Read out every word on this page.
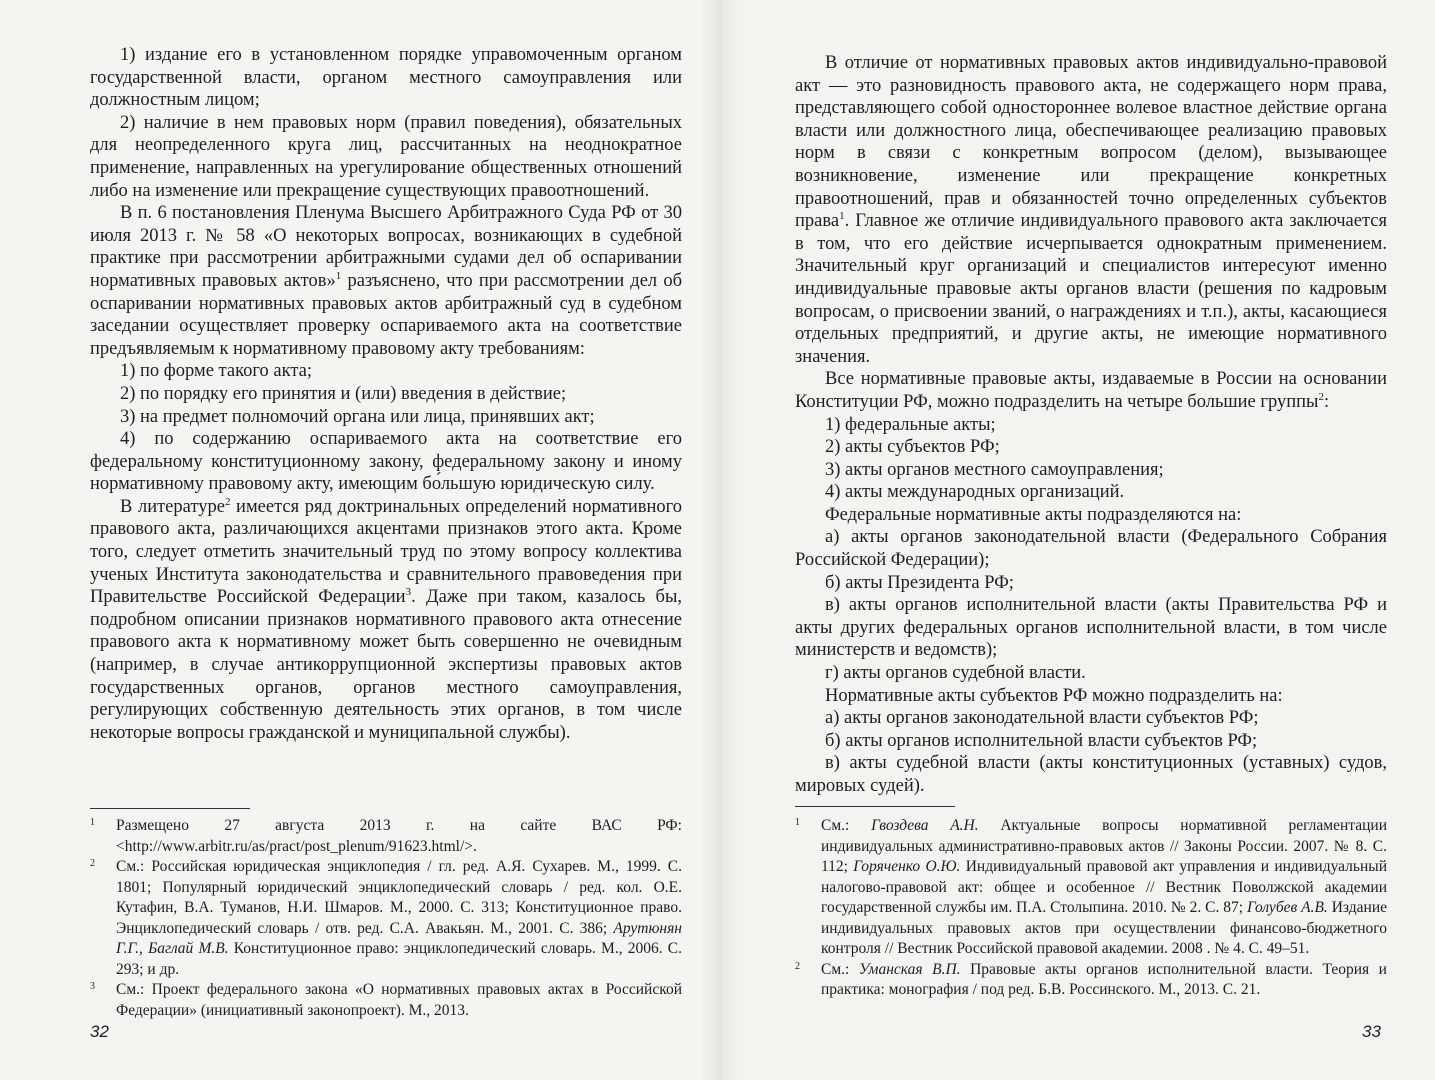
1) издание его в установленном порядке управомоченным органом государственной власти, органом местного самоуправления или должностным лицом;

2) наличие в нем правовых норм (правил поведения), обязательных для неопределенного круга лиц, рассчитанных на неоднократное применение, направленных на урегулирование общественных отношений либо на изменение или прекращение существующих правоотношений.

В п. 6 постановления Пленума Высшего Арбитражного Суда РФ от 30 июля 2013 г. № 58 «О некоторых вопросах, возникающих в судебной практике при рассмотрении арбитражными судами дел об оспаривании нормативных правовых актов»$^1$ разъяснено, что при рассмотрении дел об оспаривании нормативных правовых актов арбитражный суд в судебном заседании осуществляет проверку оспариваемого акта на соответствие предъявляемым к нормативному правовому акту требованиям:

1) по форме такого акта;

2) по порядку его принятия и (или) введения в действие;

3) на предмет полномочий органа или лица, принявших акт;

4) по содержанию оспариваемого акта на соответствие его федеральному конституционному закону, федеральному закону и иному нормативному правовому акту, имеющим бо́льшую юридическую силу.

В литературе$^2$ имеется ряд доктринальных определений нормативного правового акта, различающихся акцентами признаков этого акта. Кроме того, следует отметить значительный труд по этому вопросу коллектива ученых Института законодательства и сравнительного правоведения при Правительстве Российской Федерации$^3$. Даже при таком, казалось бы, подробном описании признаков нормативного правового акта отнесение правового акта к нормативному может быть совершенно не очевидным (например, в случае антикоррупционной экспертизы правовых актов государственных органов, органов местного самоуправления, регулирующих собственную деятельность этих органов, в том числе некоторые вопросы гражданской и муниципальной службы).

1	Размещено 27 августа 2013 г. на сайте ВАС РФ: <http://www.arbitr.ru/as/pract/post_plenum/91623.html/>.
2	См.: Российская юридическая энциклопедия / гл. ред. А.Я. Сухарев. М., 1999. С. 1801; Популярный юридический энциклопедический словарь / ред. кол. О.Е. Кутафин, В.А. Туманов, Н.И. Шмаров. М., 2000. С. 313; Конституционное право. Энциклопедический словарь / отв. ред. С.А. Авакьян. М., 2001. С. 386; Арутюнян Г.Г., Баглай М.В. Конституционное право: энциклопедический словарь. М., 2006. С. 293; и др.
3	См.: Проект федерального закона «О нормативных правовых актах в Российской Федерации» (инициативный законопроект). М., 2013.
32

В отличие от нормативных правовых актов индивидуально-правовой акт — это разновидность правового акта, не содержащего норм права, представляющего собой одностороннее волевое властное действие органа власти или должностного лица, обеспечивающее реализацию правовых норм в связи с конкретным вопросом (делом), вызывающее возникновение, изменение или прекращение конкретных правоотношений, прав и обязанностей точно определенных субъектов права$^1$. Главное же отличие индивидуального правового акта заключается в том, что его действие исчерпывается однократным применением. Значительный круг организаций и специалистов интересуют именно индивидуальные правовые акты органов власти (решения по кадровым вопросам, о присвоении званий, о награждениях и т.п.), акты, касающиеся отдельных предприятий, и другие акты, не имеющие нормативного значения.

Все нормативные правовые акты, издаваемые в России на основании Конституции РФ, можно подразделить на четыре большие группы$^2$:

1) федеральные акты;

2) акты субъектов РФ;

3) акты органов местного самоуправления;

4) акты международных организаций.

Федеральные нормативные акты подразделяются на:

а) акты органов законодательной власти (Федерального Собрания Российской Федерации);

б) акты Президента РФ;

в) акты органов исполнительной власти (акты Правительства РФ и акты других федеральных органов исполнительной власти, в том числе министерств и ведомств);

г) акты органов судебной власти.

Нормативные акты субъектов РФ можно подразделить на:

а) акты органов законодательной власти субъектов РФ;

б) акты органов исполнительной власти субъектов РФ;

в) акты судебной власти (акты конституционных (уставных) судов, мировых судей).

1	См.: Гвоздева А.Н. Актуальные вопросы нормативной регламентации индивидуальных административно-правовых актов // Законы России. 2007. № 8. С. 112; Горяченко О.Ю. Индивидуальный правовой акт управления и индивидуальный налогово-правовой акт: общее и особенное // Вестник Поволжской академии государственной службы им. П.А. Столыпина. 2010. № 2. С. 87; Голубев А.В. Издание индивидуальных правовых актов при осуществлении финансово-бюджетного контроля // Вестник Российской правовой академии. 2008 . № 4. С. 49–51.
2	См.: Уманская В.П. Правовые акты органов исполнительной власти. Теория и практика: монография / под ред. Б.В. Россинского. М., 2013. С. 21.
33
